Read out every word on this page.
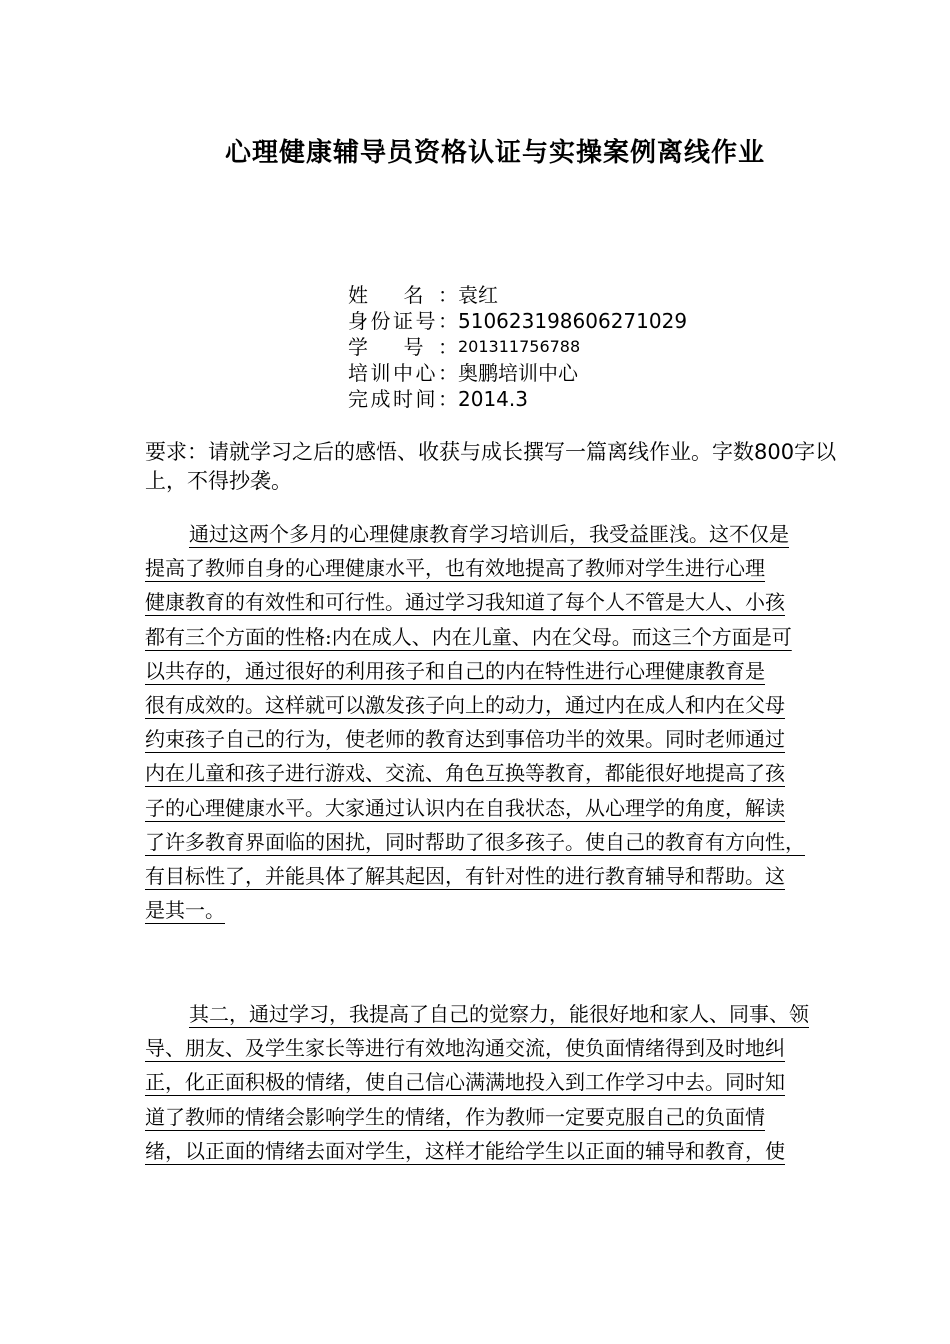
心理健康辅导员资格认证与实操案例离线作业
姓 名： 袁红
身份证号： 510623198606271029
学 号： 201311756788
培训中心： 奥鹏培训中心
完成时间： 2014.3
要求：请就学习之后的感悟、收获与成长撰写一篇离线作业。字数800字以上，不得抄袭。
通过这两个多月的心理健康教育学习培训后，我受益匪浅。这不仅是
提高了教师自身的心理健康水平，也有效地提高了教师对学生进行心理
健康教育的有效性和可行性。通过学习我知道了每个人不管是大人、小孩
都有三个方面的性格:内在成人、内在儿童、内在父母。而这三个方面是可
以共存的，通过很好的利用孩子和自己的内在特性进行心理健康教育是
很有成效的。这样就可以激发孩子向上的动力，通过内在成人和内在父母
约束孩子自己的行为，使老师的教育达到事倍功半的效果。同时老师通过
内在儿童和孩子进行游戏、交流、角色互换等教育，都能很好地提高了孩
子的心理健康水平。大家通过认识内在自我状态，从心理学的角度，解读
了许多教育界面临的困扰，同时帮助了很多孩子。使自己的教育有方向性，
有目标性了，并能具体了解其起因，有针对性的进行教育辅导和帮助。这
是其一。
其二，通过学习，我提高了自己的觉察力，能很好地和家人、同事、领
导、朋友、及学生家长等进行有效地沟通交流，使负面情绪得到及时地纠
正，化正面积极的情绪，使自己信心满满地投入到工作学习中去。同时知
道了教师的情绪会影响学生的情绪，作为教师一定要克服自己的负面情
绪，以正面的情绪去面对学生，这样才能给学生以正面的辅导和教育，使
